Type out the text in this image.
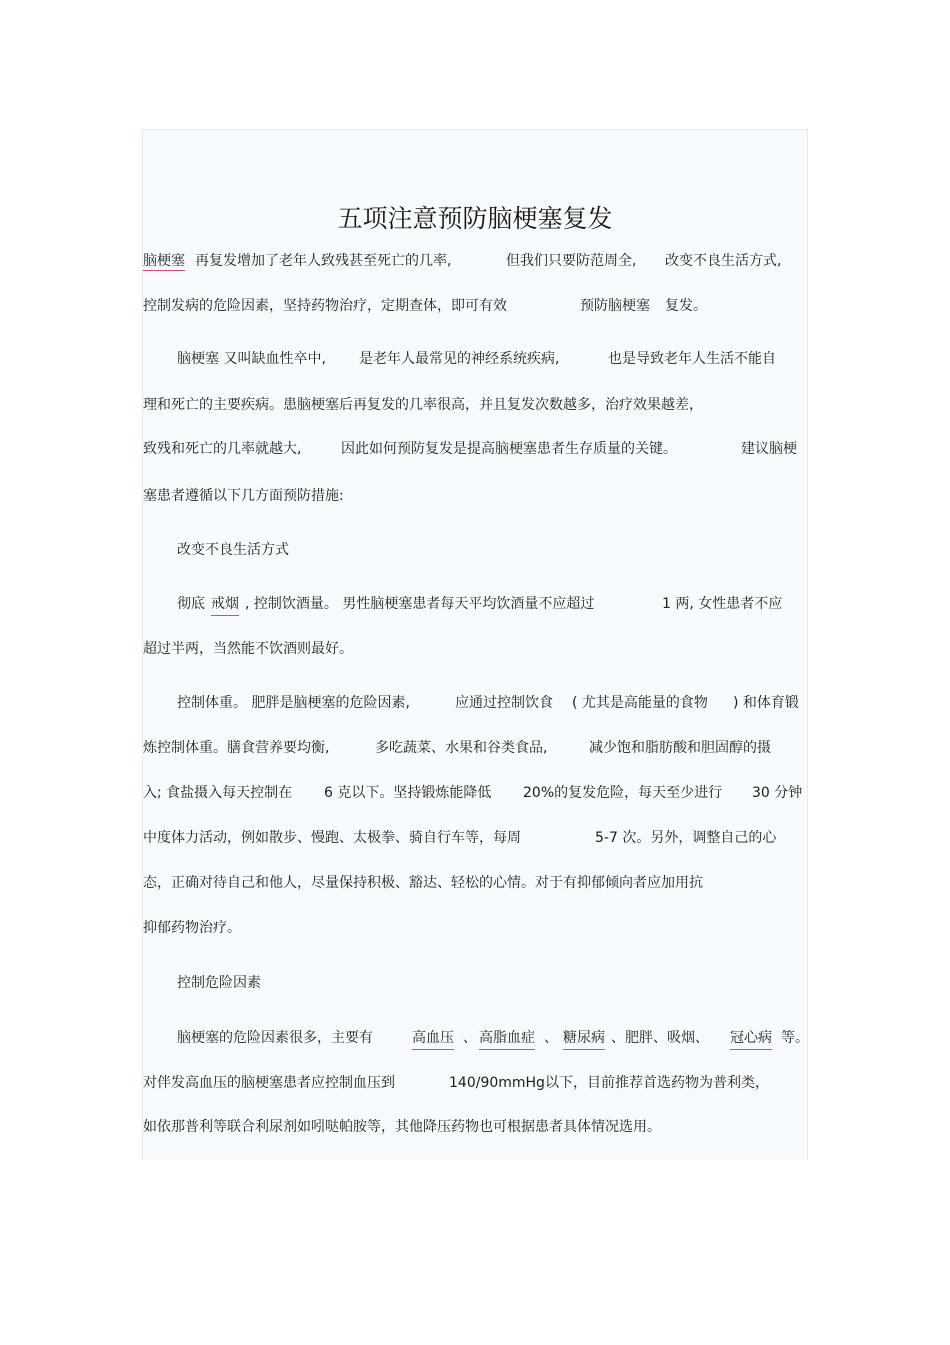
五项注意预防脑梗塞复发
脑梗塞 再复发增加了老年人致残甚至死亡的几率,	但我们只要防范周全, 改变不良生活方式,
控制发病的危险因素，坚持药物治疗，定期查体，即可有效	预防脑梗塞 复发。
脑梗塞 又叫缺血性卒中, 是老年人最常见的神经系统疾病,	也是导致老年人生活不能自
理和死亡的主要疾病。患脑梗塞后再复发的几率很高，并且复发次数越多，治疗效果越差，
致残和死亡的几率就越大,	因此如何预防复发是提高脑梗塞患者生存质量的关键。	建议脑梗
塞患者遵循以下几方面预防措施:
改变不良生活方式
彻底 戒烟 , 控制饮酒量。 男性脑梗塞患者每天平均饮酒量不应超过	1 两, 女性患者不应
超过半两，当然能不饮酒则最好。
控制体重。 肥胖是脑梗塞的危险因素,	应通过控制饮食 ( 尤其是高能量的食物 ) 和体育锻
炼控制体重。膳食营养要均衡,	多吃蔬菜、水果和谷类食品,	减少饱和脂肪酸和胆固醇的摄
入; 食盐摄入每天控制在 6 克以下。坚持锻炼能降低 20%的复发危险，每天至少进行 30 分钟
中度体力活动，例如散步、慢跑、太极拳、骑自行车等，每周	5-7 次。另外，调整自己的心
态，正确对待自己和他人，尽量保持积极、豁达、轻松的心情。对于有抑郁倾向者应加用抗
抑郁药物治疗。
控制危险因素
脑梗塞的危险因素很多，主要有	高血压 、 高脂血症 、 糖尿病 、肥胖、吸烟、 冠心病 等。
对伴发高血压的脑梗塞患者应控制血压到	140/90mmHg以下，目前推荐首选药物为普利类，
如依那普利等联合利尿剂如吲哒帕胺等，其他降压药物也可根据患者具体情况选用。
